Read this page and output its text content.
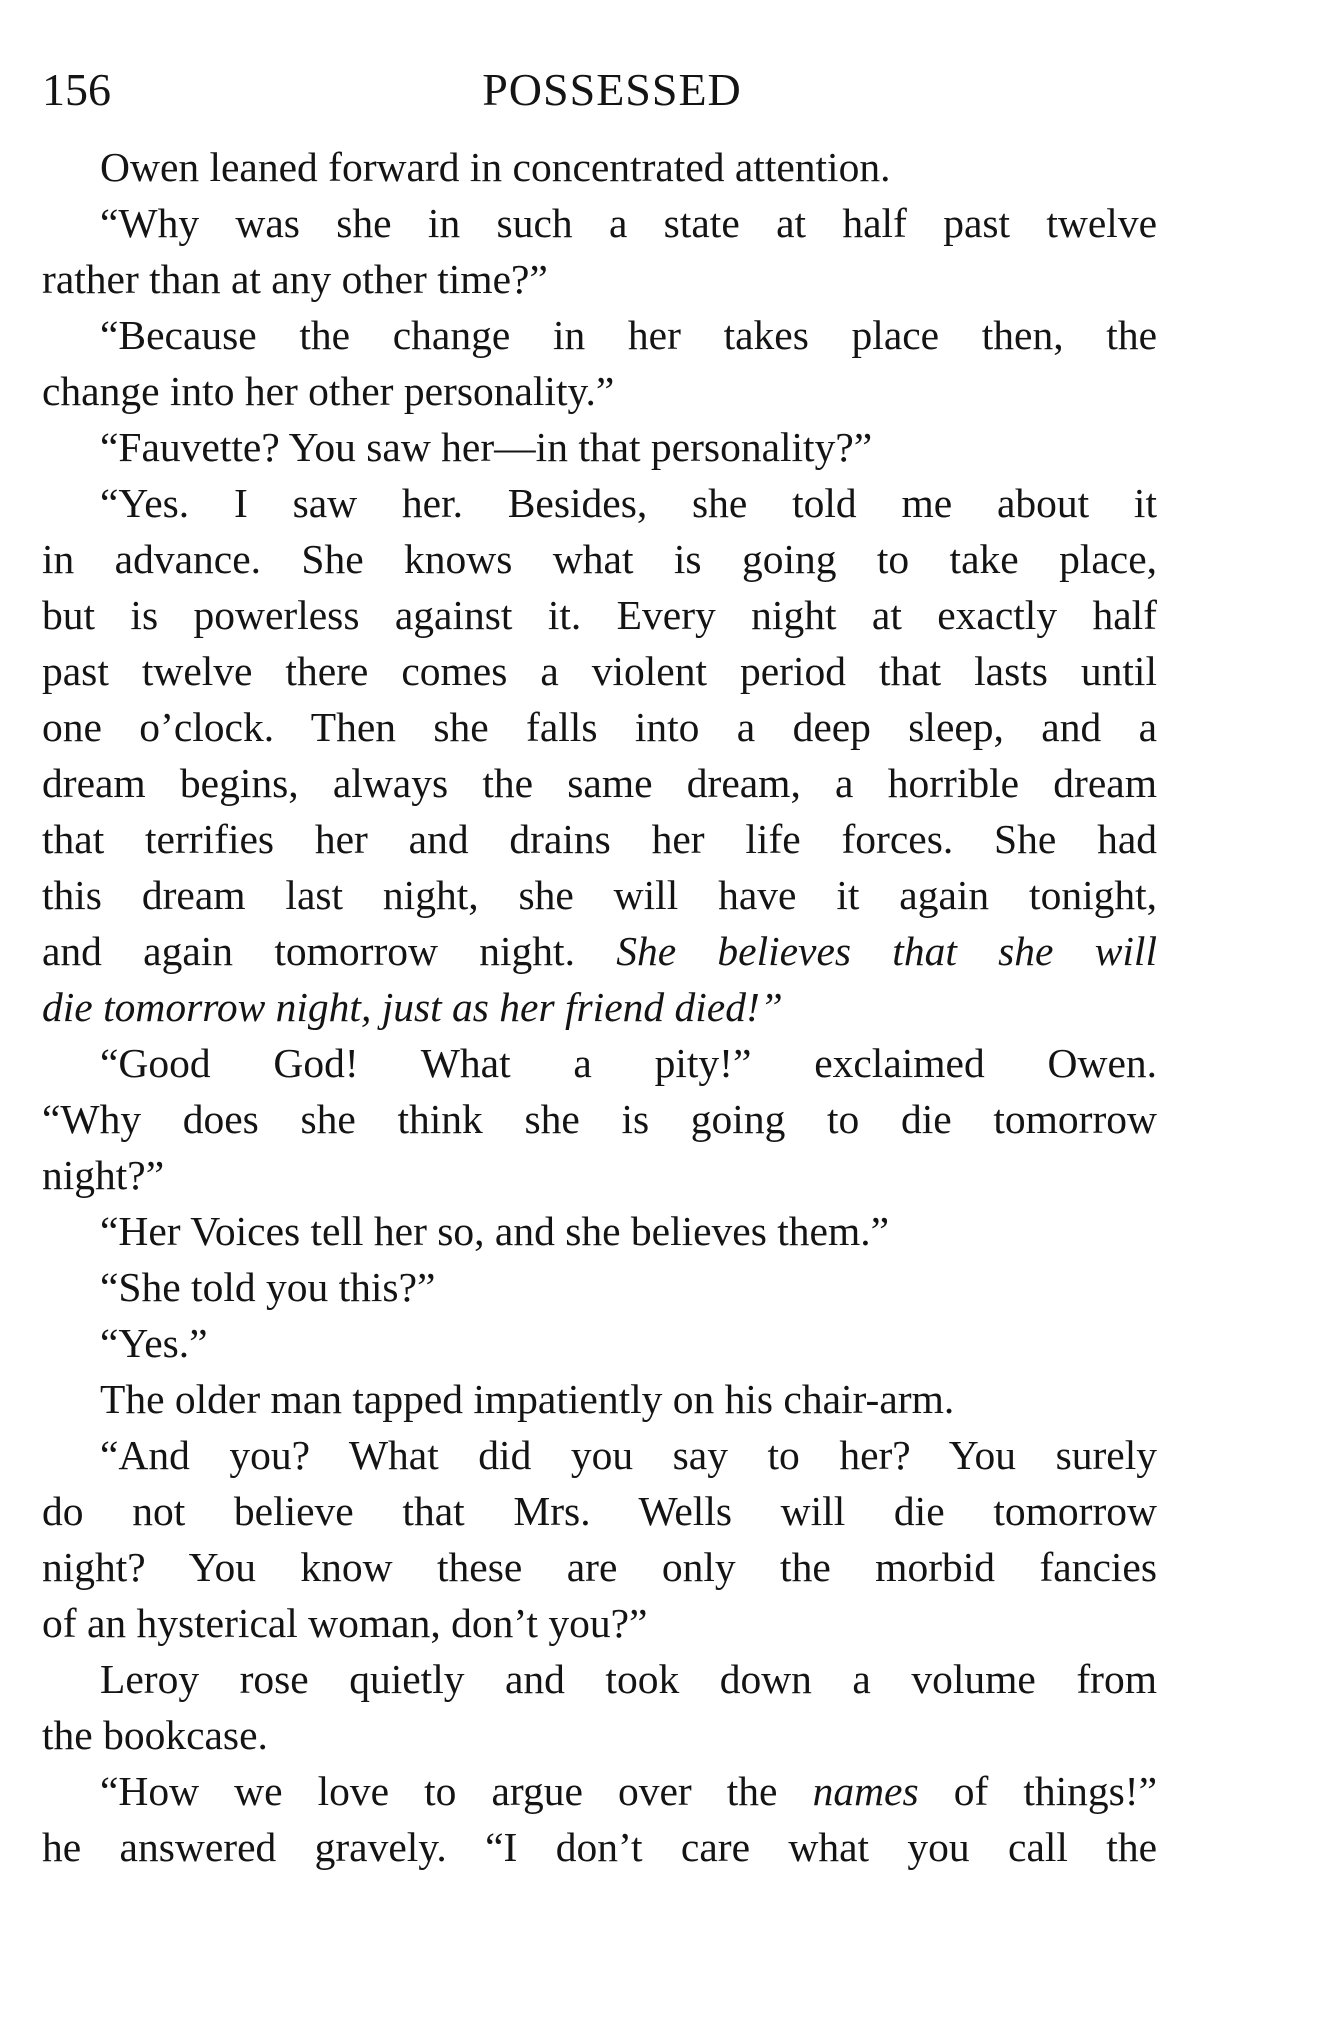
156	POSSESSED
Owen leaned forward in concentrated attention.
“Why was she in such a state at half past twelve
rather than at any other time?”
“Because the change in her takes place then, the
change into her other personality.”
“Fauvette? You saw her—in that personality?”
“Yes. I saw her. Besides, she told me about it
in advance. She knows what is going to take place,
but is powerless against it. Every night at exactly half
past twelve there comes a violent period that lasts until
one o’clock. Then she falls into a deep sleep, and a
dream begins, always the same dream, a horrible dream
that terrifies her and drains her life forces. She had
this dream last night, she will have it again tonight,
and again tomorrow night. She believes that she will
die tomorrow night, just as her friend died!”
“Good God! What a pity!” exclaimed Owen.
“Why does she think she is going to die tomorrow
night?”
“Her Voices tell her so, and she believes them.”
“She told you this?”
“Yes.”
The older man tapped impatiently on his chair-arm.
“And you? What did you say to her? You surely
do not believe that Mrs. Wells will die tomorrow
night? You know these are only the morbid fancies
of an hysterical woman, don’t you?”
Leroy rose quietly and took down a volume from
the bookcase.
“How we love to argue over the names of things!”
he answered gravely. “I don’t care what you call the
